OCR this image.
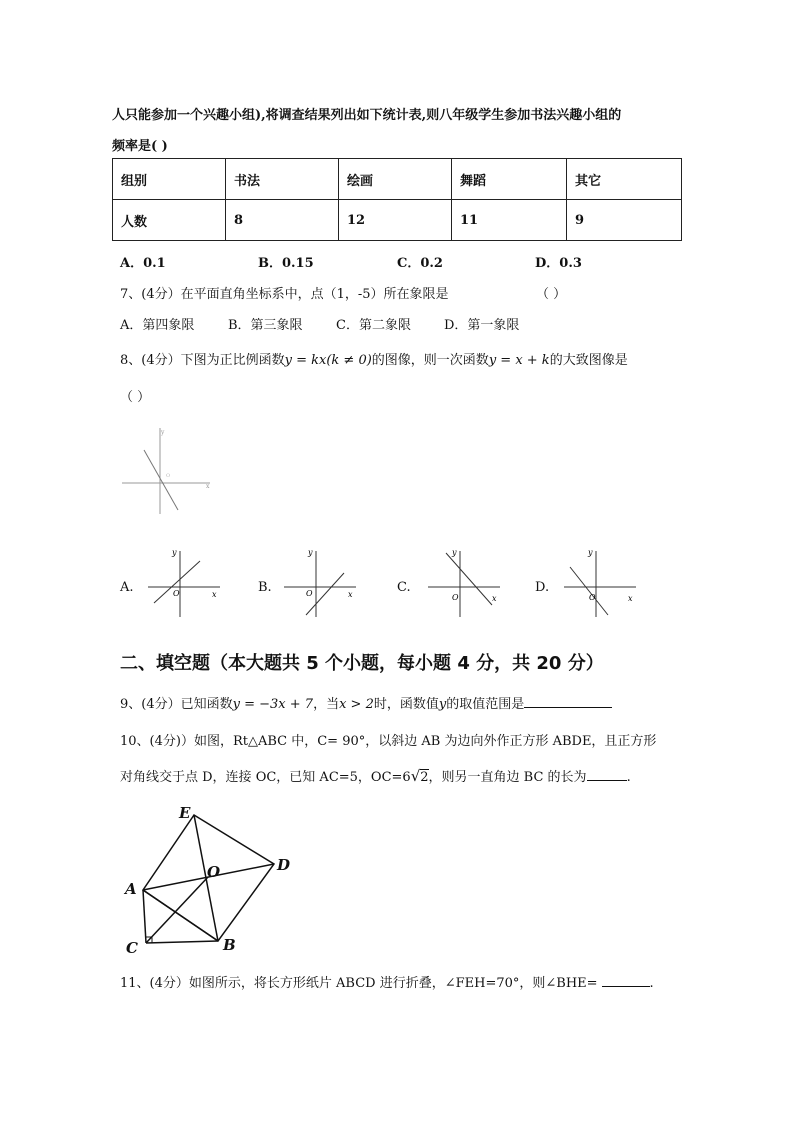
人只能参加一个兴趣小组),将调查结果列出如下统计表,则八年级学生参加书法兴趣小组的
频率是( )
组别	书法	绘画	舞蹈	其它
人数	8	12	11	9
A．0.1	B．0.15	C．0.2	D．0.3
7、(4分）在平面直角坐标系中，点（1，-5）所在象限是	（ ）
A．第四象限	B．第三象限	C．第二象限	D．第一象限
8、(4分）下图为正比例函数y = kx(k ≠ 0)的图像，则一次函数y = x + k的大致图像是
（ ）
y
x
O
A.
y
x
O	B.
y
x
O	C.
y
x
O
D.
y
x
O
二、填空题（本大题共 5 个小题，每小题 4 分，共 20 分）
9、(4分）已知函数y = −3x + 7，当x > 2时，函数值y的取值范围是
10、(4分)）如图，Rt△ABC 中，C= 90°，以斜边 AB 为边向外作正方形 ABDE，且正方形
对角线交于点 D，连接 OC，已知 AC=5，OC=6√2，则另一直角边 BC 的长为	.
E
D
A
O
C	B
11、(4分）如图所示，将长方形纸片 ABCD 进行折叠，∠FEH=70°，则∠BHE=	.
